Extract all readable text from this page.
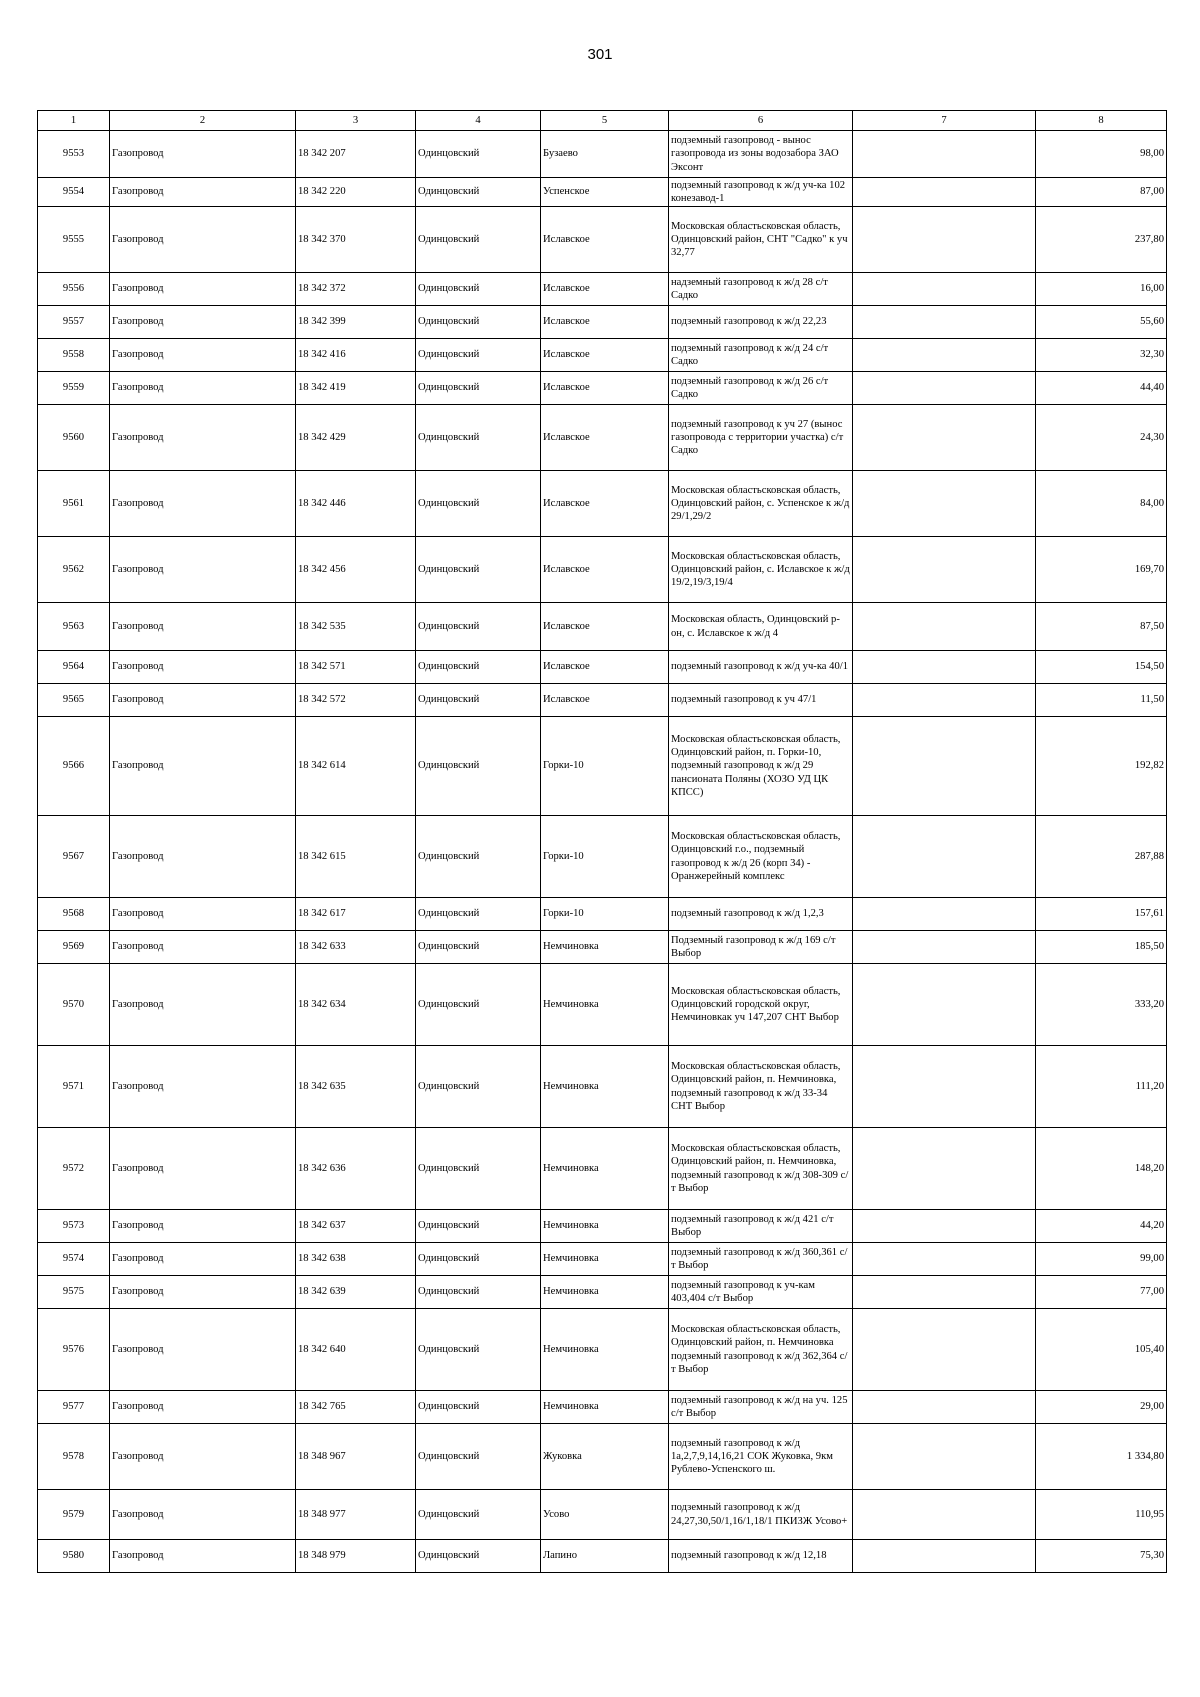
301
1	2	3	4	5	6	7	8
9553	Газопровод	18 342 207	Одинцовский	Бузаево	подземный газопровод - вынос газопровода из зоны водозабора ЗАО Эксонт		98,00
9554	Газопровод	18 342 220	Одинцовский	Успенское	подземный газопровод к ж/д уч-ка 102 конезавод-1		87,00
9555	Газопровод	18 342 370	Одинцовский	Иславское	Московская областьсковская область, Одинцовский район, СНТ "Садко" к уч 32,77		237,80
9556	Газопровод	18 342 372	Одинцовский	Иславское	надземный газопровод к ж/д 28 с/т Садко		16,00
9557	Газопровод	18 342 399	Одинцовский	Иславское	подземный газопровод к ж/д 22,23		55,60
9558	Газопровод	18 342 416	Одинцовский	Иславское	подземный газопровод к ж/д 24 с/т Садко		32,30
9559	Газопровод	18 342 419	Одинцовский	Иславское	подземный газопровод к ж/д 26 с/т Садко		44,40
9560	Газопровод	18 342 429	Одинцовский	Иславское	подземный газопровод к уч 27 (вынос газопровода с территории участка) с/т Садко		24,30
9561	Газопровод	18 342 446	Одинцовский	Иславское	Московская областьсковская область, Одинцовский район, с. Успенское к ж/д 29/1,29/2		84,00
9562	Газопровод	18 342 456	Одинцовский	Иславское	Московская областьсковская область, Одинцовский район, с. Иславское к ж/д 19/2,19/3,19/4		169,70
9563	Газопровод	18 342 535	Одинцовский	Иславское	Московская область, Одинцовский р-он, с. Иславское к ж/д 4		87,50
9564	Газопровод	18 342 571	Одинцовский	Иславское	подземный газопровод к ж/д уч-ка 40/1		154,50
9565	Газопровод	18 342 572	Одинцовский	Иславское	подземный газопровод к уч 47/1		11,50
9566	Газопровод	18 342 614	Одинцовский	Горки-10	Московская областьсковская область, Одинцовский район, п. Горки-10, подземный газопровод к ж/д 29 пансионата Поляны (ХОЗО УД ЦК КПСС)		192,82
9567	Газопровод	18 342 615	Одинцовский	Горки-10	Московская областьсковская область, Одинцовский г.о., подземный газопровод к ж/д 26 (корп 34) - Оранжерейный комплекс		287,88
9568	Газопровод	18 342 617	Одинцовский	Горки-10	подземный газопровод к ж/д 1,2,3		157,61
9569	Газопровод	18 342 633	Одинцовский	Немчиновка	Подземный газопровод к ж/д 169 с/т Выбор		185,50
9570	Газопровод	18 342 634	Одинцовский	Немчиновка	Московская областьсковская область, Одинцовский городской округ, Немчиновкак уч 147,207 СНТ Выбор		333,20
9571	Газопровод	18 342 635	Одинцовский	Немчиновка	Московская областьсковская область, Одинцовский район, п. Немчиновка, подземный газопровод к ж/д 33-34 СНТ Выбор		111,20
9572	Газопровод	18 342 636	Одинцовский	Немчиновка	Московская областьсковская область, Одинцовский район, п. Немчиновка, подземный газопровод к ж/д 308-309 с/т Выбор		148,20
9573	Газопровод	18 342 637	Одинцовский	Немчиновка	подземный газопровод к ж/д 421 с/т Выбор		44,20
9574	Газопровод	18 342 638	Одинцовский	Немчиновка	подземный газопровод к ж/д 360,361 с/т Выбор		99,00
9575	Газопровод	18 342 639	Одинцовский	Немчиновка	подземный газопровод к уч-кам 403,404 с/т Выбор		77,00
9576	Газопровод	18 342 640	Одинцовский	Немчиновка	Московская областьсковская область, Одинцовский район, п. Немчиновка подземный газопровод к ж/д 362,364 с/т Выбор		105,40
9577	Газопровод	18 342 765	Одинцовский	Немчиновка	подземный газопровод к ж/д на уч. 125 с/т Выбор		29,00
9578	Газопровод	18 348 967	Одинцовский	Жуковка	подземный газопровод к ж/д 1а,2,7,9,14,16,21 СОК Жуковка, 9км Рублево-Успенского ш.		1 334,80
9579	Газопровод	18 348 977	Одинцовский	Усово	подземный газопровод к ж/д 24,27,30,50/1,16/1,18/1 ПКИЗЖ Усово+		110,95
9580	Газопровод	18 348 979	Одинцовский	Лапино	подземный газопровод к ж/д 12,18		75,30
